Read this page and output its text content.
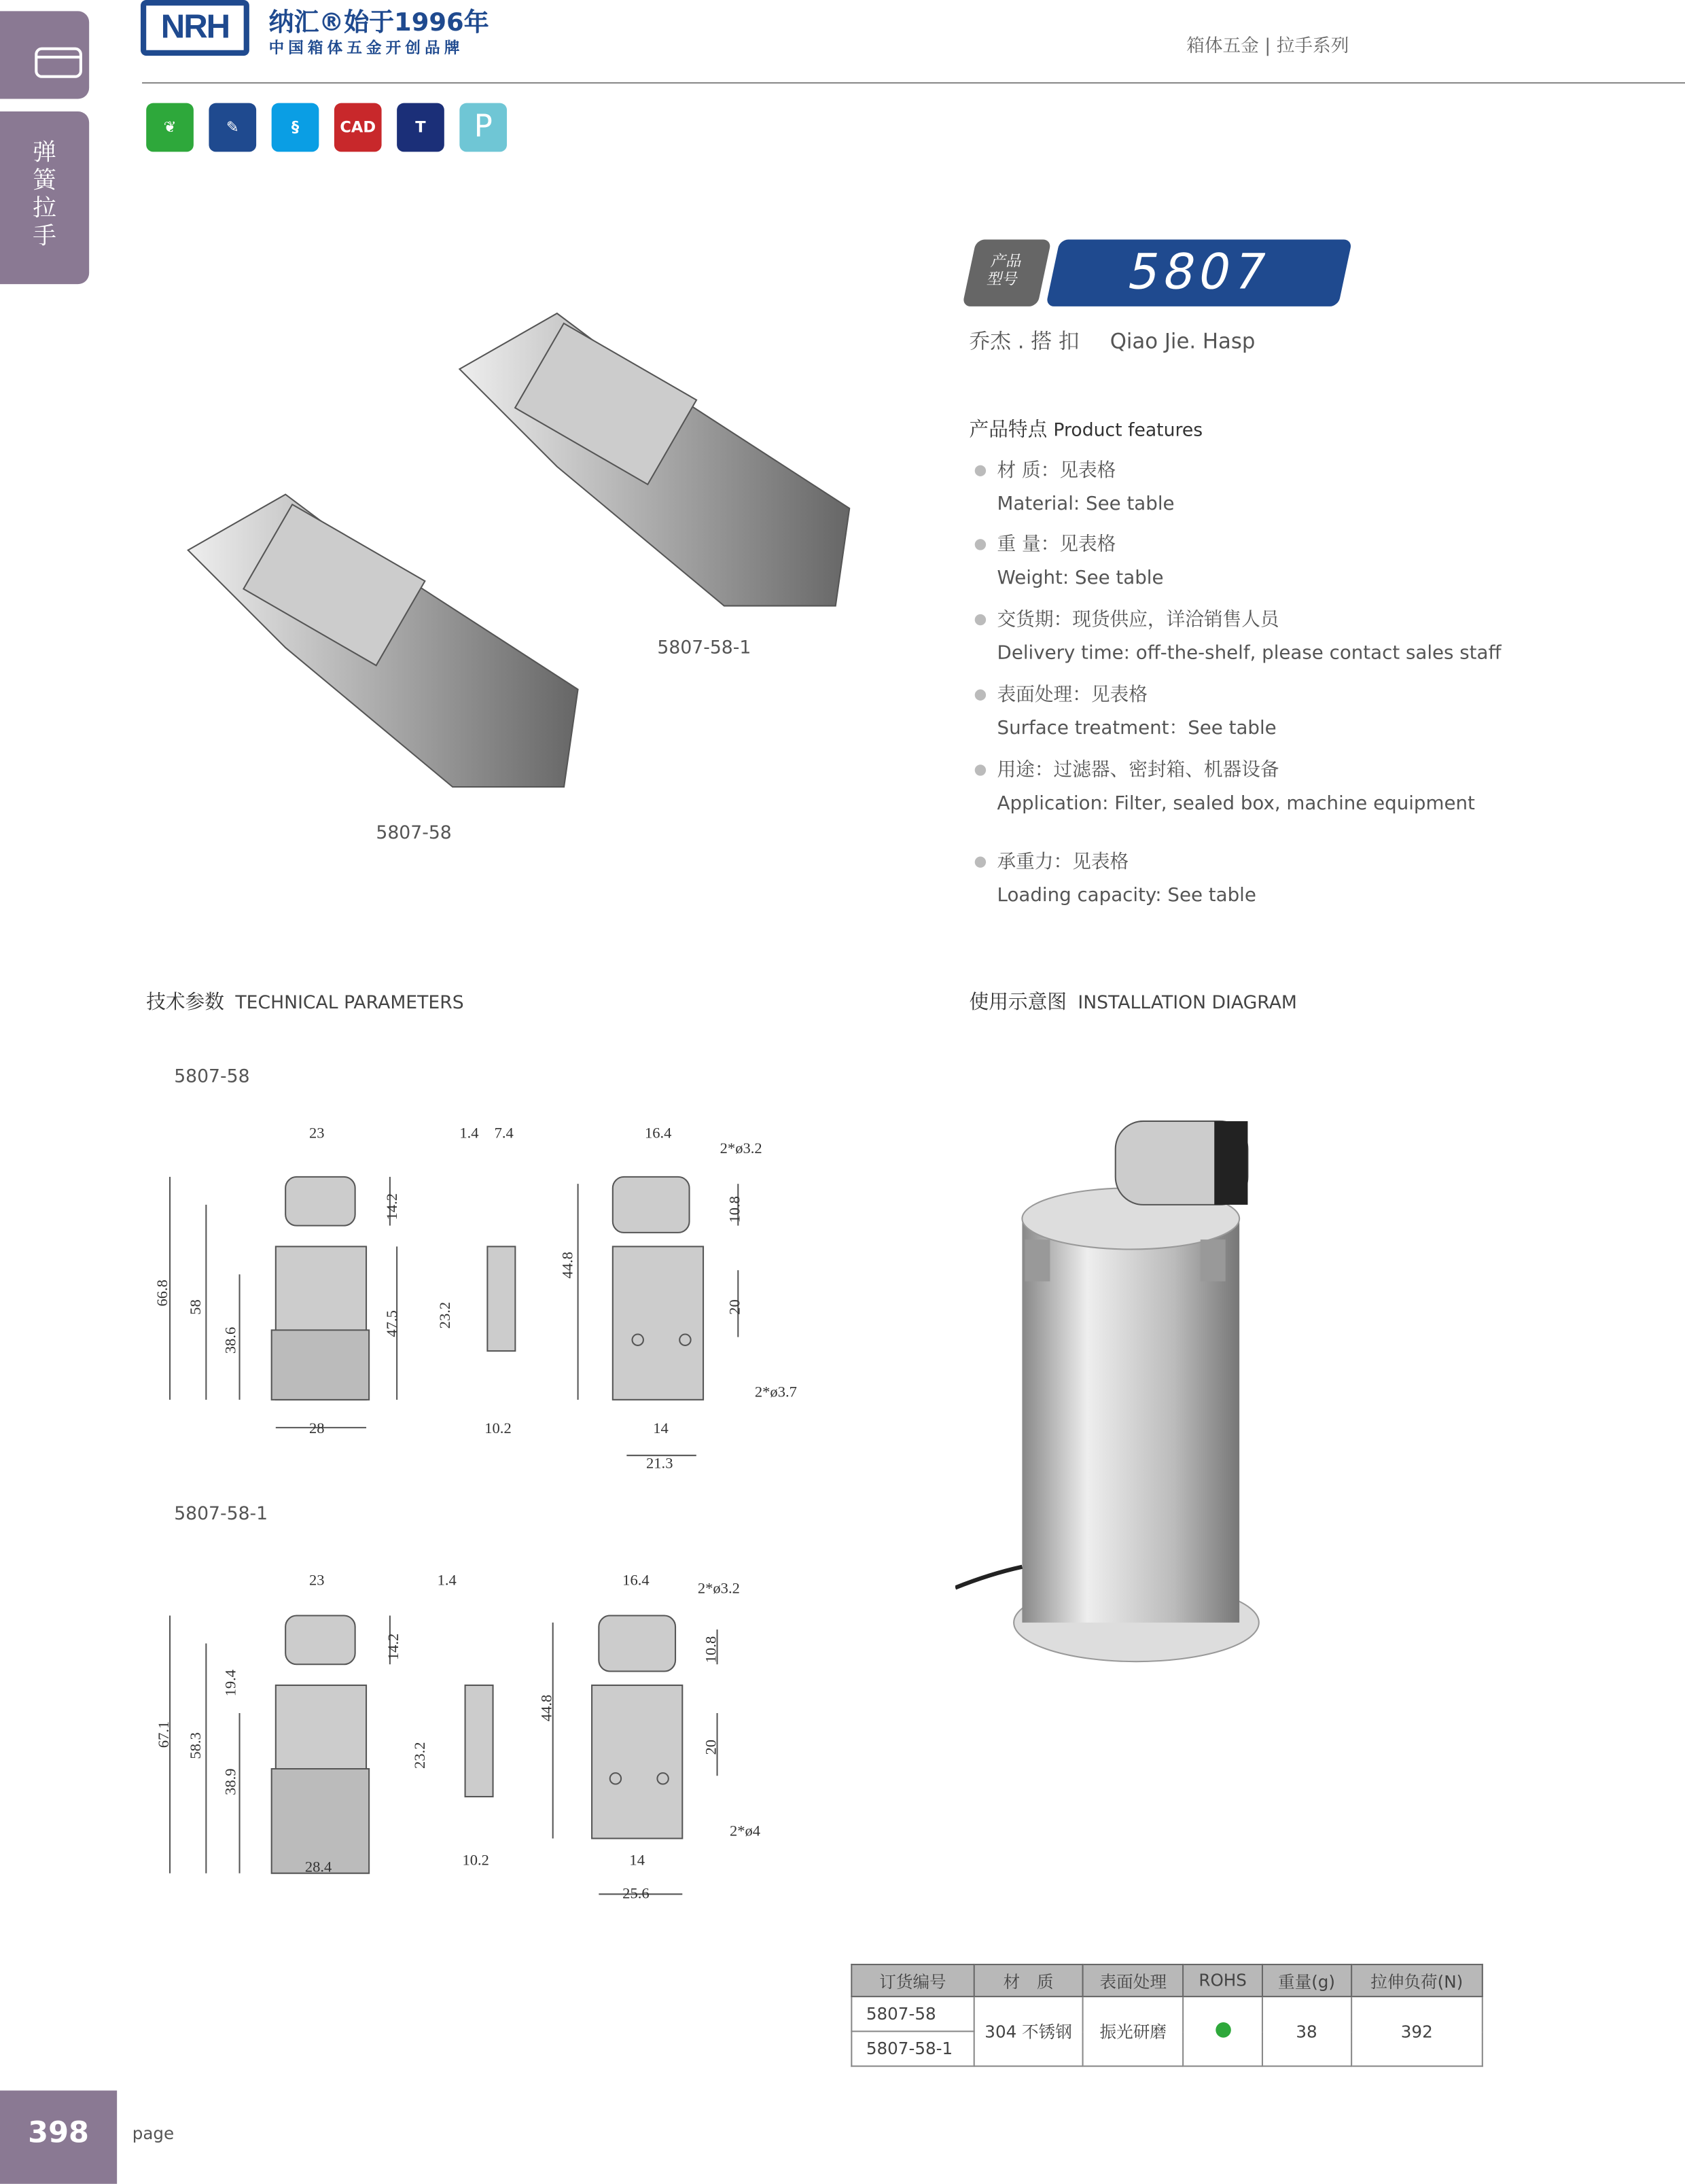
弹
簧
拉
手
NRH	纳汇®始于1996年
中国箱体五金开创品牌	箱体五金 | 拉手系列
❦	✎	§	CAD	T	P
5807-58-1
5807-58
产品
型号	5807
乔杰 . 搭 扣	Qiao Jie. Hasp
产品特点 Product features
材 质：见表格
Material: See table
重 量：见表格
Weight: See table
交货期：现货供应，详洽销售人员
Delivery time: off-the-shelf, please contact sales staff
表面处理：见表格
Surface treatment：See table
用途：过滤器、密封箱、机器设备
Application: Filter, sealed box, machine equipment
承重力：见表格
Loading capacity: See table
技术参数 TECHNICAL PARAMETERS	使用示意图 INSTALLATION DIAGRAM
5807-58
23
14.2
66.8
58
38.6
47.5
28
1.4 7.4
23.2
10.2
16.4
2*ø3.2
10.8
44.8
20
2*ø3.7
14
21.3
5807-58-1
23
14.2
67.1 58.3
19.4
38.9
28.4
1.4
23.2
10.2
16.4	2*ø3.2
10.8
44.8
20
2*ø4
14
25.6
订货编号	材　质	表面处理	ROHS	重量(g)	拉伸负荷(N)
5807-58	304 不锈钢	振光研磨		38	392
5807-58-1					
398	page
